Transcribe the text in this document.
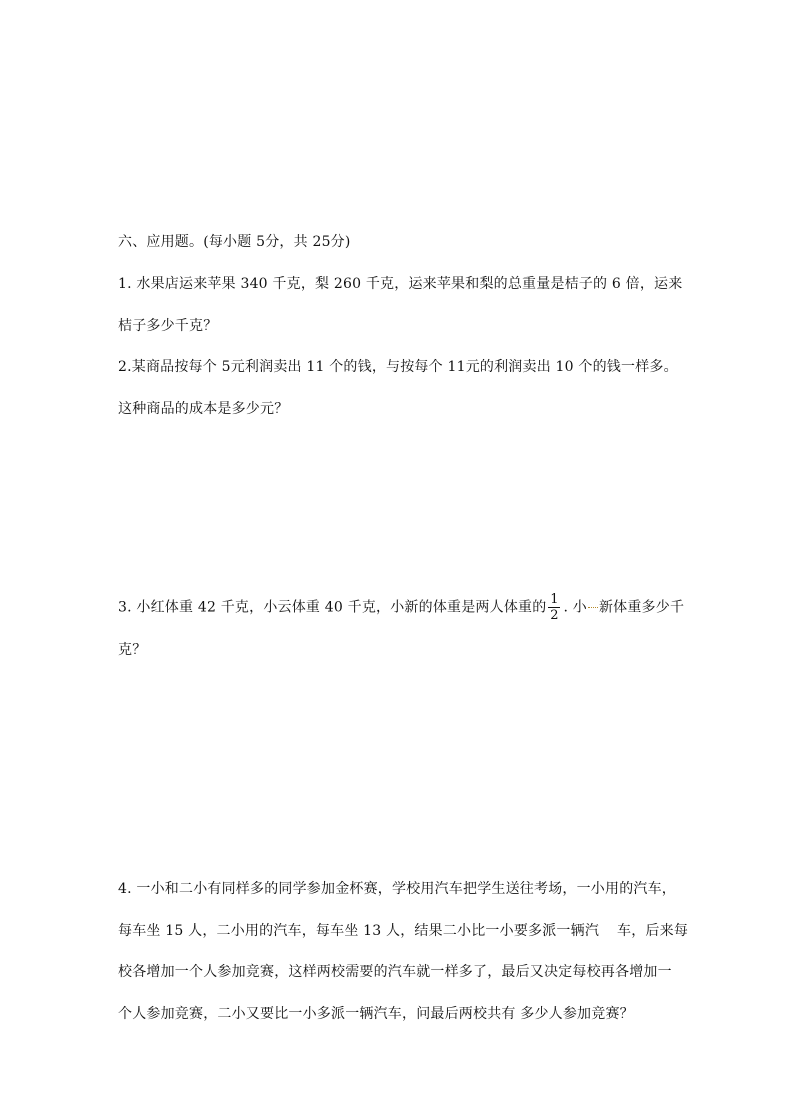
六、应用题。(每小题 5分，共 25分)
1. 水果店运来苹果 340 千克，梨 260 千克，运来苹果和梨的总重量是桔子的 6 倍，运来
桔子多少千克？
2.某商品按每个 5元利润卖出 11 个的钱，与按每个 11元的利润卖出 10 个的钱一样多。
这种商品的成本是多少元？
3. 小红体重 42 千克，小云体重 40 千克，小新的体重是两人体重的 $\frac{1}{2}$ . 小 新体重多少千
克？
4. 一小和二小有同样多的同学参加金杯赛，学校用汽车把学生送往考场，一小用的汽车，
每车坐 15 人，二小用的汽车，每车坐 13 人，结果二小比一小要多派一辆汽 车，后来每
校各增加一个人参加竞赛，这样两校需要的汽车就一样多了，最后又决定每校再各增加一
个人参加竞赛，二小又要比一小多派一辆汽车，问最后两校共有 多少人参加竞赛？
